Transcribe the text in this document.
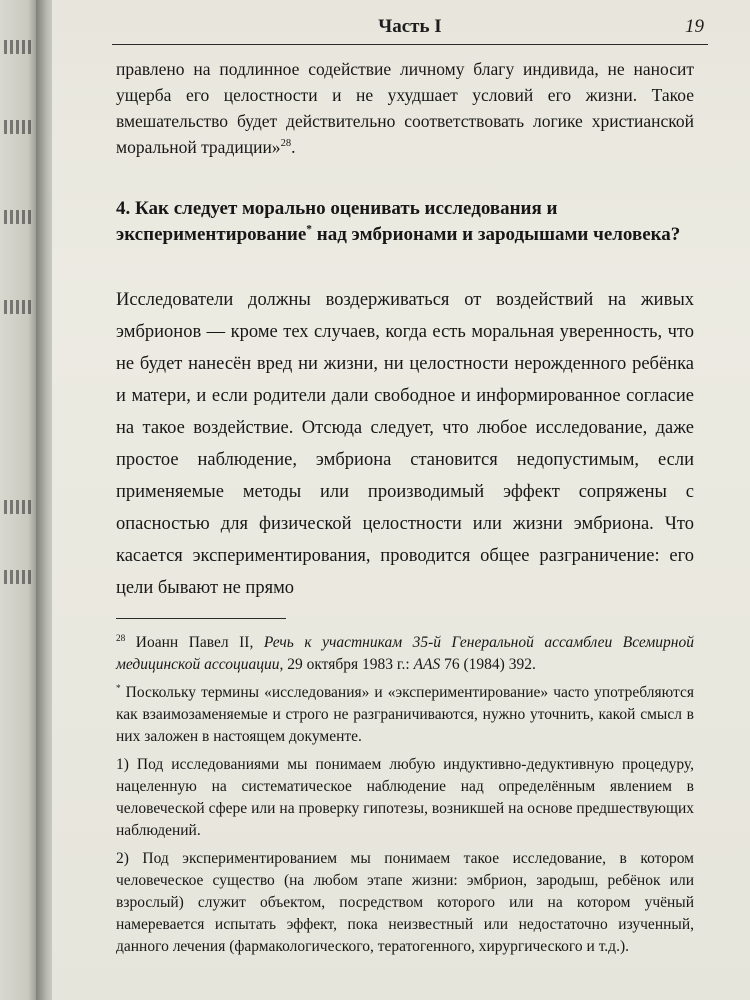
Часть I	19
правлено на подлинное содействие личному благу индивида, не наносит ущерба его целостности и не ухудшает условий его жизни. Такое вмешательство будет действительно соответствовать логике христианской моральной традиции»$^{28}$.
4. Как следует морально оценивать исследования и экспериментирование* над эмбрионами и зародышами человека?
Исследователи должны воздерживаться от воздействий на живых эмбрионов — кроме тех случаев, когда есть моральная уверенность, что не будет нанесён вред ни жизни, ни целостности нерожденного ребёнка и матери, и если родители дали свободное и информированное согласие на такое воздействие. Отсюда следует, что любое исследование, даже простое наблюдение, эмбриона становится недопустимым, если применяемые методы или производимый эффект сопряжены с опасностью для физической целостности или жизни эмбриона. Что касается экспериментирования, проводится общее разграничение: его цели бывают не прямо

$^{28}$ Иоанн Павел II, Речь к участникам 35-й Генеральной ассамблеи Всемирной медицинской ассоциации, 29 октября 1983 г.: AAS 76 (1984) 392.

* Поскольку термины «исследования» и «экспериментирование» часто употребляются как взаимозаменяемые и строго не разграничиваются, нужно уточнить, какой смысл в них заложен в настоящем документе.

1) Под исследованиями мы понимаем любую индуктивно-дедуктивную процедуру, нацеленную на систематическое наблюдение над определённым явлением в человеческой сфере или на проверку гипотезы, возникшей на основе предшествующих наблюдений.

2) Под экспериментированием мы понимаем такое исследование, в котором человеческое существо (на любом этапе жизни: эмбрион, зародыш, ребёнок или взрослый) служит объектом, посредством которого или на котором учёный намеревается испытать эффект, пока неизвестный или недостаточно изученный, данного лечения (фармакологического, тератогенного, хирургического и т.д.).
